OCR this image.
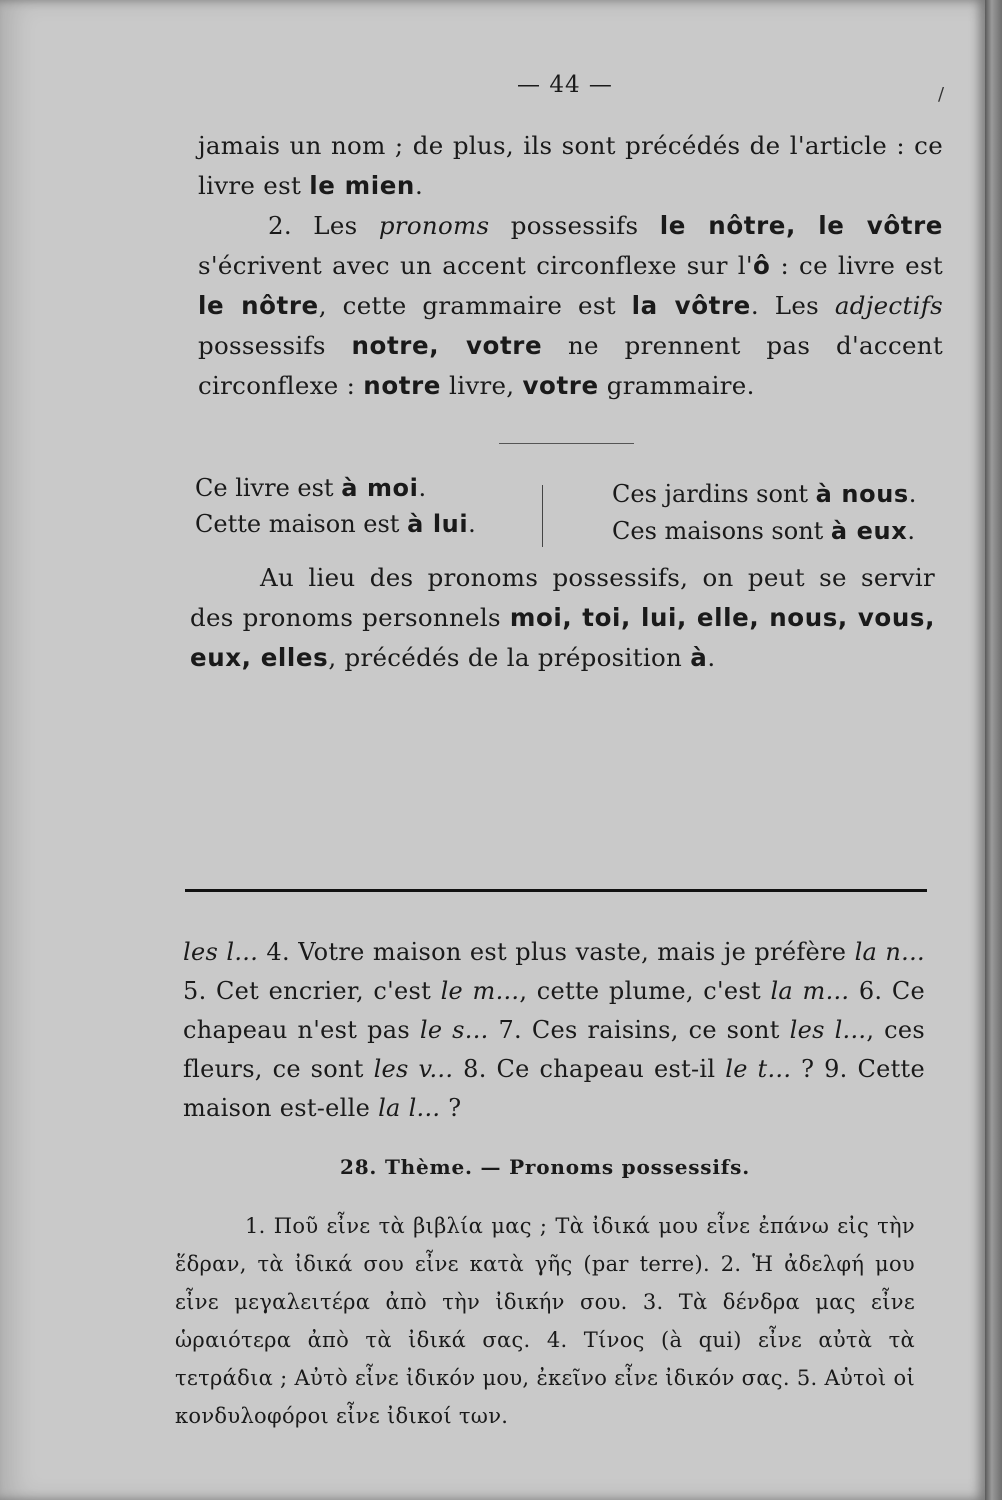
— 44 —	/
jamais un nom ; de plus, ils sont précédés de l'article : ce livre est le mien.
2. Les pronoms possessifs le nôtre, le vôtre s'écrivent avec un accent circonflexe sur l'ô : ce livre est le nôtre, cette grammaire est la vôtre. Les adjectifs possessifs notre, votre ne prennent pas d'accent circonflexe : notre livre, votre grammaire.
Ce livre est à moi.
Cette maison est à lui.
Ces jardins sont à nous.
Ces maisons sont à eux.
Au lieu des pronoms possessifs, on peut se servir des pronoms personnels moi, toi, lui, elle, nous, vous, eux, elles, précédés de la préposition à.
les l... 4. Votre maison est plus vaste, mais je préfère la n... 5. Cet encrier, c'est le m..., cette plume, c'est la m... 6. Ce chapeau n'est pas le s... 7. Ces raisins, ce sont les l..., ces fleurs, ce sont les v... 8. Ce chapeau est-il le t... ? 9. Cette maison est-elle la l... ?
28. Thème. — Pronoms possessifs.
1. Ποῦ εἶνε τὰ βιβλία μας ; Τὰ ἰδικά μου εἶνε ἐπάνω εἰς τὴν ἕδραν, τὰ ἰδικά σου εἶνε κατὰ γῆς (par terre). 2. Ἡ ἀδελφή μου εἶνε μεγαλειτέρα ἀπὸ τὴν ἰδικήν σου. 3. Τὰ δένδρα μας εἶνε ὡραιότερα ἀπὸ τὰ ἰδικά σας. 4. Τίνος (à qui) εἶνε αὐτὰ τὰ τετράδια ; Αὐτὸ εἶνε ἰδικόν μου, ἐκεῖνο εἶνε ἰδικόν σας. 5. Αὐτοὶ οἱ κονδυλοφόροι εἶνε ἰδικοί των.
